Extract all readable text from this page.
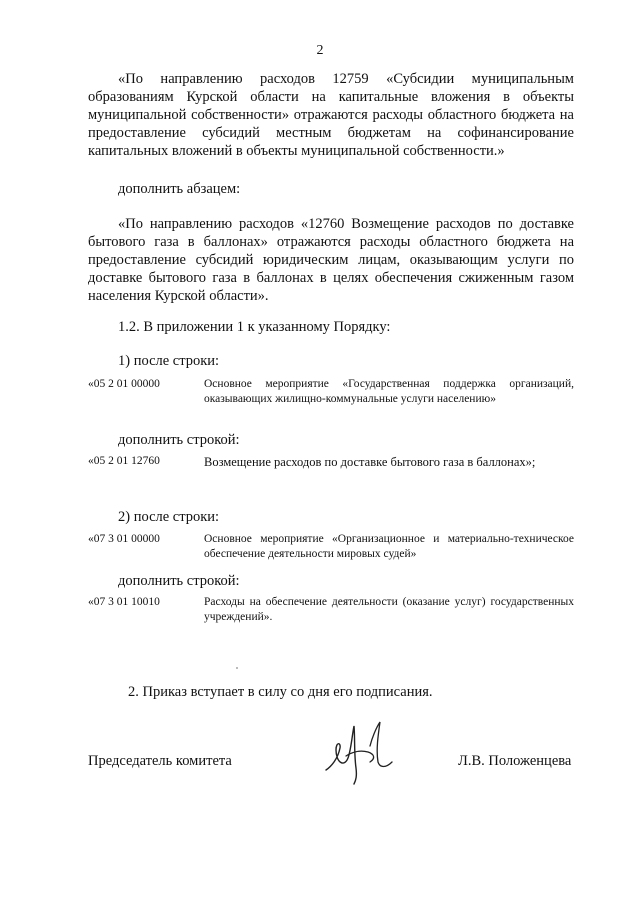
2
«По направлению расходов 12759 «Субсидии муниципальным образованиям Курской области на капитальные вложения в объекты муниципальной собственности» отражаются расходы областного бюджета на предоставление субсидий местным бюджетам на софинансирование капитальных вложений в объекты муниципальной собственности.»
дополнить абзацем:
«По направлению расходов «12760 Возмещение расходов по доставке бытового газа в баллонах» отражаются расходы областного бюджета на предоставление субсидий юридическим лицам, оказывающим услуги по доставке бытового газа в баллонах в целях обеспечения сжиженным газом населения Курской области».
1.2. В приложении 1 к указанному Порядку:
1) после строки:
«05 2 01 00000	Основное мероприятие «Государственная поддержка организаций, оказывающих жилищно-коммунальные услуги населению»
дополнить строкой:
«05 2 01 12760	Возмещение расходов по доставке бытового газа в баллонах»;
2) после строки:
«07 3 01 00000	Основное мероприятие «Организационное и материально-техническое обеспечение деятельности мировых судей»
дополнить строкой:
«07 3 01 10010	Расходы на обеспечение деятельности (оказание услуг) государственных учреждений».
2. Приказ вступает в силу со дня его подписания.
Председатель комитета	Л.В. Положенцева
